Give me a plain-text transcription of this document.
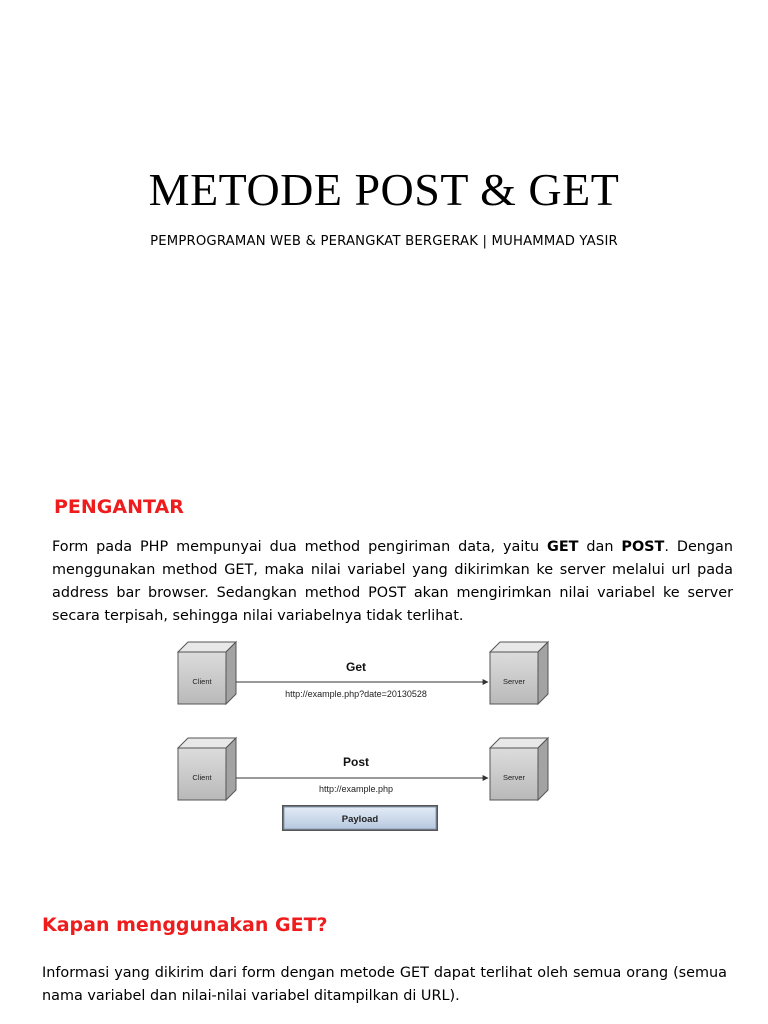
METODE POST & GET
PEMPROGRAMAN WEB & PERANGKAT BERGERAK | MUHAMMAD YASIR
PENGANTAR
Form pada PHP mempunyai dua method pengiriman data, yaitu GET dan POST. Dengan menggunakan method GET, maka nilai variabel yang dikirimkan ke server melalui url pada address bar browser. Sedangkan method POST akan mengirimkan nilai variabel ke server secara terpisah, sehingga nilai variabelnya tidak terlihat.
Client	Server
Get
http://example.php?date=20130528
Client	Server
Post
http://example.php
Payload
Kapan menggunakan GET?
Informasi yang dikirim dari form dengan metode GET dapat terlihat oleh semua orang (semua nama variabel dan nilai-nilai variabel ditampilkan di URL).
